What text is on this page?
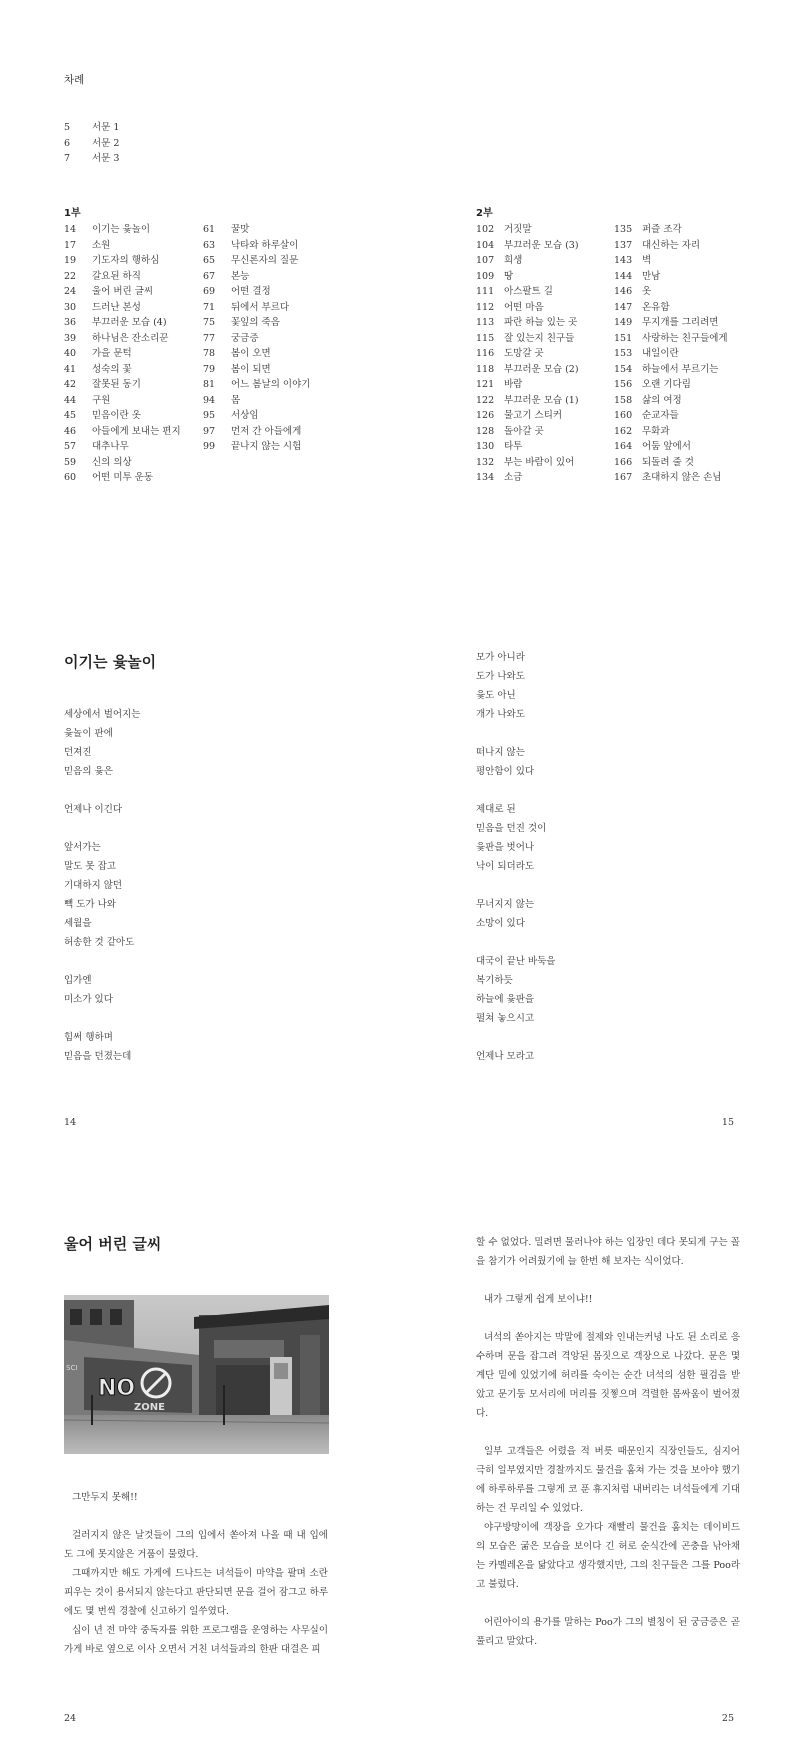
차례
5 서문 1
6 서문 2
7 서문 3
1부
14 이기는 윷놀이
17 소원
19 기도자의 행하심
22 갈요된 하직
24 울어 버린 글씨
30 드러난 본성
36 부끄러운 모습 (4)
39 하나님은 잔소리꾼
40 가을 문턱
41 성숙의 꽃
42 잘못된 동기
44 구원
45 믿음이란 옷
46 아들에게 보내는 편지
57 대추나무
59 신의 의상
60 어떤 미투 운동
61 꿀맛
63 낙타와 하루살이
65 무신론자의 질문
67 본능
69 어떤 결정
71 뒤에서 부르다
75 꽃잎의 죽음
77 궁금증
78 봄이 오면
79 봄이 되면
81 어느 봄날의 이야기
94 몸
95 서상임
97 먼저 간 아들에게
99 끝나지 않는 시험
2부
102 거짓말
104 부끄러운 모습 (3)
107 희생
109 땅
111 아스팔트 길
112 어떤 마음
113 파란 하늘 있는 곳
115 잘 있는지 친구들
116 도망갈 곳
118 부끄러운 모습 (2)
121 바람
122 부끄러운 모습 (1)
126 물고기 스티커
128 돌아갈 곳
130 타투
132 부는 바람이 있어
134 소금
135 퍼즐 조각
137 대신하는 자리
143 벽
144 만남
146 옷
147 온유함
149 무지개를 그리려면
151 사랑하는 친구들에게
153 내일이란
154 하늘에서 부르기는
156 오랜 기다림
158 삶의 여정
160 순교자들
162 무화과
164 어둠 앞에서
166 되돌려 줄 것
167 초대하지 않은 손님
이기는 윷놀이
세상에서 벌어지는
윷놀이 판에
던져진
믿음의 윷은
언제나 이긴다
앞서가는
말도 못 잡고
기대하지 않던
빽 도가 나와
세월을
허송한 것 같아도
입가엔
미소가 있다
힘써 행하며
믿음을 던졌는데
모가 아니라
도가 나와도
윷도 아닌
개가 나와도
떠나지 않는
평안함이 있다
제대로 된
믿음을 던진 것이
윷판을 벗어나
낙이 되더라도
무너지지 않는
소망이 있다
대국이 끝난 바둑을
복기하듯
하늘에 윷판을
펼쳐 놓으시고
언제나 모라고
14	15
울어 버린 글씨
NO
ZONE
SCI

그만두지 못해!!

걸러지지 않은 날것들이 그의 입에서 쏟아져 나올 때 내 입에도 그에 못지않은 거품이 물렸다.

그때까지만 해도 가게에 드나드는 녀석들이 마약을 팔며 소란 피우는 것이 용서되지 않는다고 판단되면 문을 걸어 잠그고 하루에도 몇 번씩 경찰에 신고하기 일쑤였다.

십이 년 전 마약 중독자를 위한 프로그램을 운영하는 사무실이 가게 바로 옆으로 이사 오면서 거친 녀석들과의 한판 대결은 피

할 수 없었다. 밀려면 물러나야 하는 입장인 데다 못되게 구는 꼴을 참기가 어려웠기에 늘 한번 해 보자는 식이었다.

내가 그렇게 쉽게 보이냐!!

녀석의 쏟아지는 막말에 절제와 인내는커녕 나도 된 소리로 응수하며 문을 잡그려 격앙된 몸짓으로 객장으로 나갔다. 문은 몇 계단 밑에 있었기에 허리를 숙이는 순간 녀석의 섬한 필검을 받았고 문기둥 모서리에 머리를 짓찧으며 격렬한 몸싸움이 벌어졌다.

일부 고객들은 어렸을 적 버릇 때문인지 직장인들도, 심지어 극히 일부였지만 경찰까지도 물건을 훔쳐 가는 것을 보아야 했기에 하루하루를 그렇게 코 푼 휴지처럼 내버리는 녀석들에게 기대하는 건 무리일 수 있었다.

야구방망이에 객장을 오가다 재빨리 물건을 훔치는 데이비드의 모습은 굶은 모습을 보이다 긴 허로 순식간에 곤충을 낚아채는 카멜레온을 닮았다고 생각했지만, 그의 친구들은 그를 Poo라고 불렀다.

어린아이의 용가를 말하는 Poo가 그의 별칭이 된 궁금증은 곧 풀리고 말았다.

24	25
